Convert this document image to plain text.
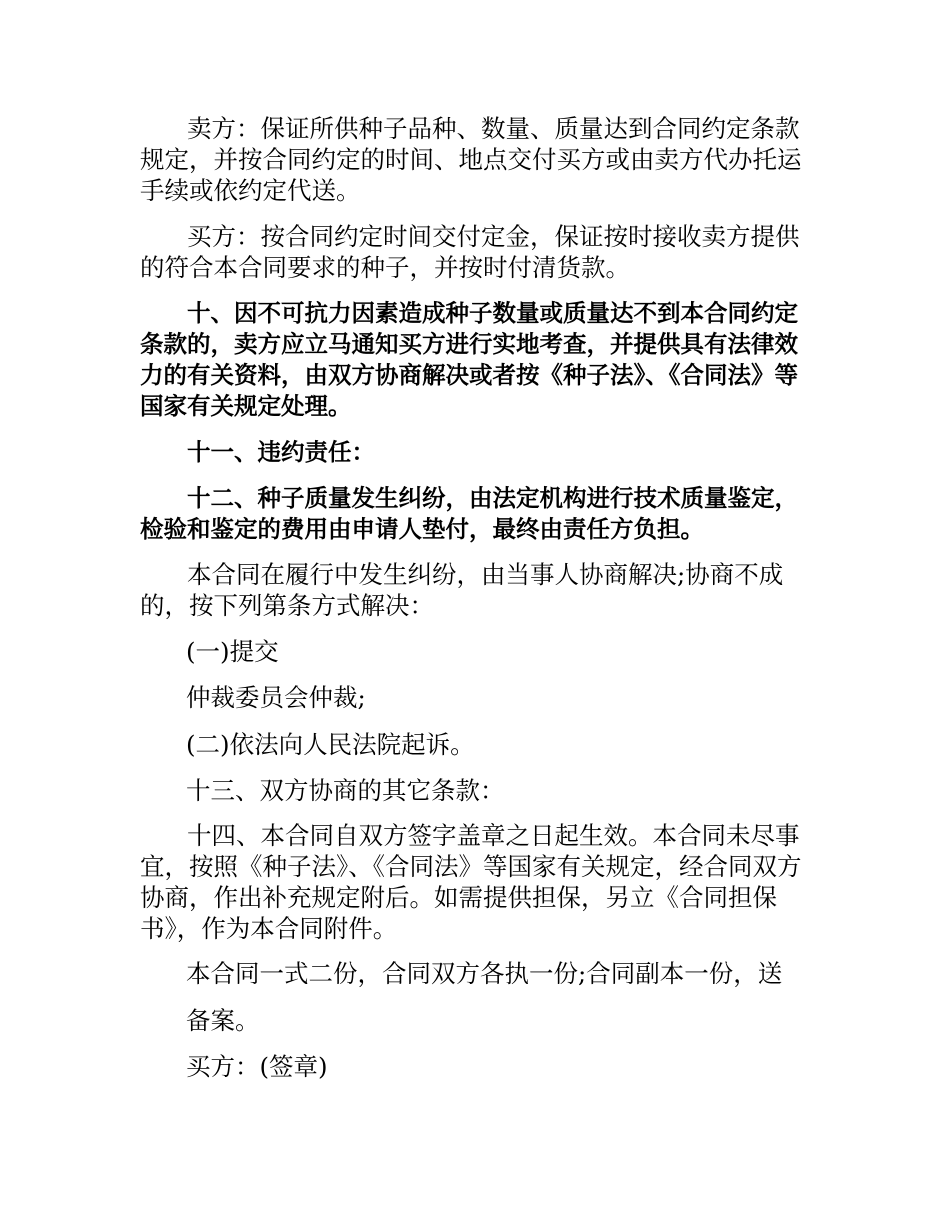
卖方：保证所供种子品种、数量、质量达到合同约定条款规定，并按合同约定的时间、地点交付买方或由卖方代办托运手续或依约定代送。

买方：按合同约定时间交付定金，保证按时接收卖方提供的符合本合同要求的种子，并按时付清货款。

十、因不可抗力因素造成种子数量或质量达不到本合同约定条款的，卖方应立马通知买方进行实地考查，并提供具有法律效力的有关资料，由双方协商解决或者按《种子法》、《合同法》等国家有关规定处理。

十一、违约责任：

十二、种子质量发生纠纷，由法定机构进行技术质量鉴定，检验和鉴定的费用由申请人垫付，最终由责任方负担。

本合同在履行中发生纠纷，由当事人协商解决;协商不成的，按下列第条方式解决：

(一)提交

仲裁委员会仲裁;

(二)依法向人民法院起诉。

十三、双方协商的其它条款：

十四、本合同自双方签字盖章之日起生效。本合同未尽事宜，按照《种子法》、《合同法》等国家有关规定，经合同双方协商，作出补充规定附后。如需提供担保，另立《合同担保书》，作为本合同附件。

本合同一式二份，合同双方各执一份;合同副本一份，送

备案。

买方：(签章)
